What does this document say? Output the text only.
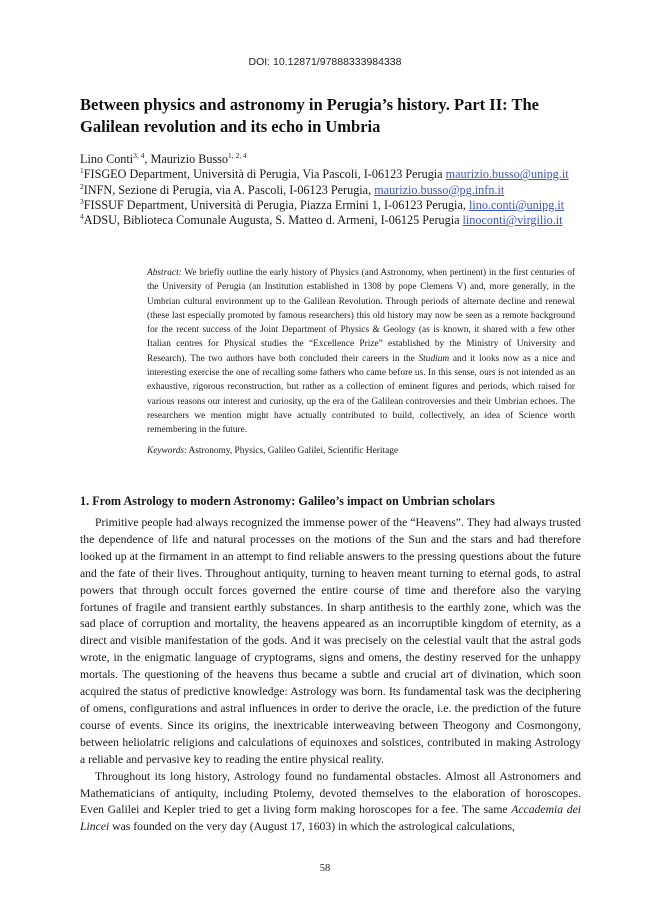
DOI: 10.12871/97888333984338
Between physics and astronomy in Perugia’s history. Part II: The Galilean revolution and its echo in Umbria
Lino Conti$^{3, 4}$, Maurizio Busso$^{1, 2, 4}$
$^1$FISGEO Department, Università di Perugia, Via Pascoli, I-06123 Perugia maurizio.busso@unipg.it
$^2$INFN, Sezione di Perugia, via A. Pascoli, I-06123 Perugia, maurizio.busso@pg.infn.it
$^3$FISSUF Department, Università di Perugia, Piazza Ermini 1, I-06123 Perugia, lino.conti@unipg.it
$^4$ADSU, Biblioteca Comunale Augusta, S. Matteo d. Armeni, I-06125 Perugia linoconti@virgilio.it

Abstract: We briefly outline the early history of Physics (and Astronomy, when pertinent) in the first centuries of the University of Perugia (an Institution established in 1308 by pope Clemens V) and, more generally, in the Umbrian cultural environment up to the Galilean Revolution. Through periods of alternate decline and renewal (these last especially promoted by famous researchers) this old history may now be seen as a remote background for the recent success of the Joint Department of Physics & Geology (as is known, it shared with a few other Italian centres for Physical studies the “Excellence Prize” established by the Ministry of University and Research). The two authors have both concluded their careers in the Studium and it looks now as a nice and interesting exercise the one of recalling some fathers who came before us. In this sense, ours is not intended as an exhaustive, rigorous reconstruction, but rather as a collection of eminent figures and periods, which raised for various reasons our interest and curiosity, up the era of the Galilean controversies and their Umbrian echoes. The researchers we mention might have actually contributed to build, collectively, an idea of Science worth remembering in the future.

Keywords: Astronomy, Physics, Galileo Galilei, Scientific Heritage

1. From Astrology to modern Astronomy: Galileo’s impact on Umbrian scholars

Primitive people had always recognized the immense power of the “Heavens”. They had always trusted the dependence of life and natural processes on the motions of the Sun and the stars and had therefore looked up at the firmament in an attempt to find reliable answers to the pressing questions about the future and the fate of their lives. Throughout antiquity, turning to heaven meant turning to eternal gods, to astral powers that through occult forces governed the entire course of time and therefore also the varying fortunes of fragile and transient earthly substances. In sharp antithesis to the earthly zone, which was the sad place of corruption and mortality, the heavens appeared as an incorruptible kingdom of eternity, as a direct and visible manifestation of the gods. And it was precisely on the celestial vault that the astral gods wrote, in the enigmatic language of cryptograms, signs and omens, the destiny reserved for the unhappy mortals. The questioning of the heavens thus became a subtle and crucial art of divination, which soon acquired the status of predictive knowledge: Astrology was born. Its fundamental task was the deciphering of omens, configurations and astral influences in order to derive the oracle, i.e. the prediction of the future course of events. Since its origins, the inextricable interweaving between Theogony and Cosmongony, between heliolatric religions and calculations of equinoxes and solstices, contributed in making Astrology a reliable and pervasive key to reading the entire physical reality.

Throughout its long history, Astrology found no fundamental obstacles. Almost all Astronomers and Mathematicians of antiquity, including Ptolemy, devoted themselves to the elaboration of horoscopes. Even Galilei and Kepler tried to get a living form making horoscopes for a fee. The same Accademia dei Lincei was founded on the very day (August 17, 1603) in which the astrological calculations,

58
